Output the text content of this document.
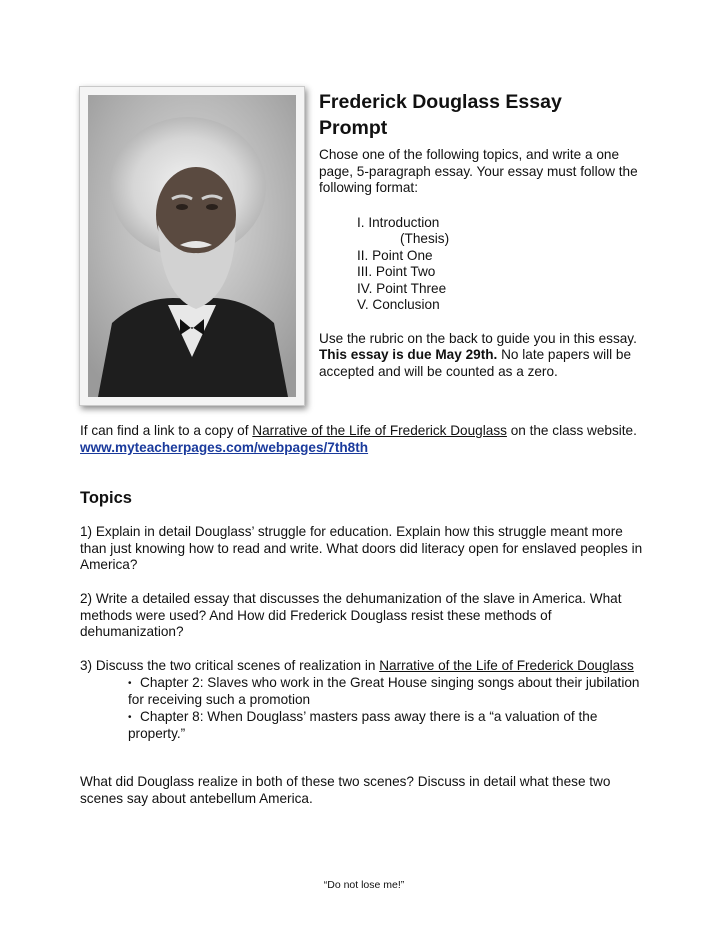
Frederick Douglass Essay
Prompt

Chose one of the following topics, and write a one page, 5-paragraph essay. Your essay must follow the following format:

I. Introduction
(Thesis)
II. Point One
III. Point Two
IV. Point Three
V. Conclusion

Use the rubric on the back to guide you in this essay. This essay is due May 29th. No late papers will be accepted and will be counted as a zero.

If can find a link to a copy of Narrative of the Life of Frederick Douglass on the class website. www.myteacherpages.com/webpages/7th8th
Topics
1) Explain in detail Douglass’ struggle for education. Explain how this struggle meant more than just knowing how to read and write. What doors did literacy open for enslaved peoples in America?
2) Write a detailed essay that discusses the dehumanization of the slave in America. What methods were used? And How did Frederick Douglass resist these methods of dehumanization?
3) Discuss the two critical scenes of realization in Narrative of the Life of Frederick Douglass
• Chapter 2: Slaves who work in the Great House singing songs about their jubilation for receiving such a promotion
• Chapter 8: When Douglass’ masters pass away there is a “a valuation of the property.”
What did Douglass realize in both of these two scenes? Discuss in detail what these two scenes say about antebellum America.
“Do not lose me!”
